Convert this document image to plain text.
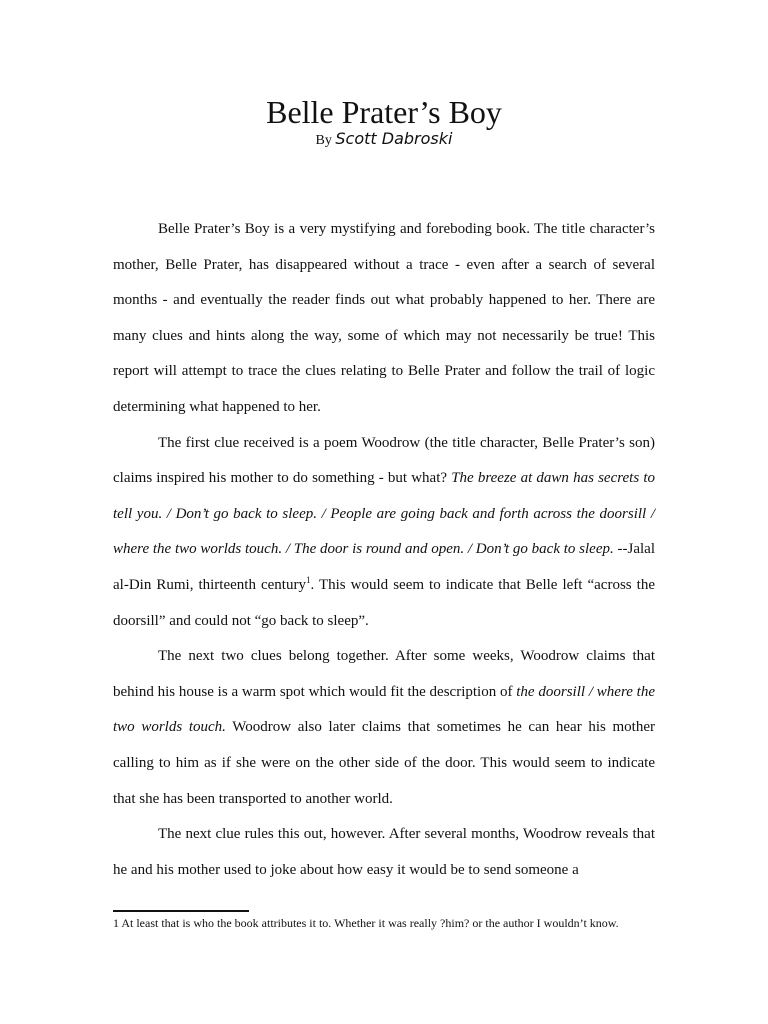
Belle Prater’s Boy
By Scott Dabroski

Belle Prater’s Boy is a very mystifying and foreboding book. The title character’s mother, Belle Prater, has disappeared without a trace - even after a search of several months - and eventually the reader finds out what probably happened to her. There are many clues and hints along the way, some of which may not necessarily be true! This report will attempt to trace the clues relating to Belle Prater and follow the trail of logic determining what happened to her.

The first clue received is a poem Woodrow (the title character, Belle Prater’s son) claims inspired his mother to do something - but what? The breeze at dawn has secrets to tell you. / Don’t go back to sleep. / People are going back and forth across the doorsill / where the two worlds touch. / The door is round and open. / Don’t go back to sleep. --Jalal al-Din Rumi, thirteenth century$^1$. This would seem to indicate that Belle left “across the doorsill” and could not “go back to sleep”.

The next two clues belong together. After some weeks, Woodrow claims that behind his house is a warm spot which would fit the description of the doorsill / where the two worlds touch. Woodrow also later claims that sometimes he can hear his mother calling to him as if she were on the other side of the door. This would seem to indicate that she has been transported to another world.

The next clue rules this out, however. After several months, Woodrow reveals that he and his mother used to joke about how easy it would be to send someone a

1 At least that is who the book attributes it to. Whether it was really ?him? or the author I wouldn’t know.
